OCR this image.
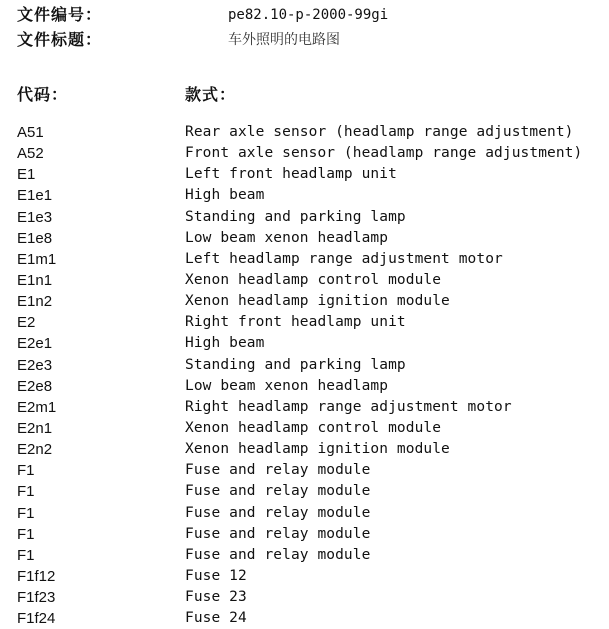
文件编号：	pe82.10-p-2000-99gi
文件标题：	车外照明的电路图
代码：	款式：
A51	Rear axle sensor (headlamp range adjustment)
A52	Front axle sensor (headlamp range adjustment)
E1	Left front headlamp unit
E1e1	High beam
E1e3	Standing and parking lamp
E1e8	Low beam xenon headlamp
E1m1	Left headlamp range adjustment motor
E1n1	Xenon headlamp control module
E1n2	Xenon headlamp ignition module
E2	Right front headlamp unit
E2e1	High beam
E2e3	Standing and parking lamp
E2e8	Low beam xenon headlamp
E2m1	Right headlamp range adjustment motor
E2n1	Xenon headlamp control module
E2n2	Xenon headlamp ignition module
F1	Fuse and relay module
F1	Fuse and relay module
F1	Fuse and relay module
F1	Fuse and relay module
F1	Fuse and relay module
F1f12	Fuse 12
F1f23	Fuse 23
F1f24	Fuse 24
